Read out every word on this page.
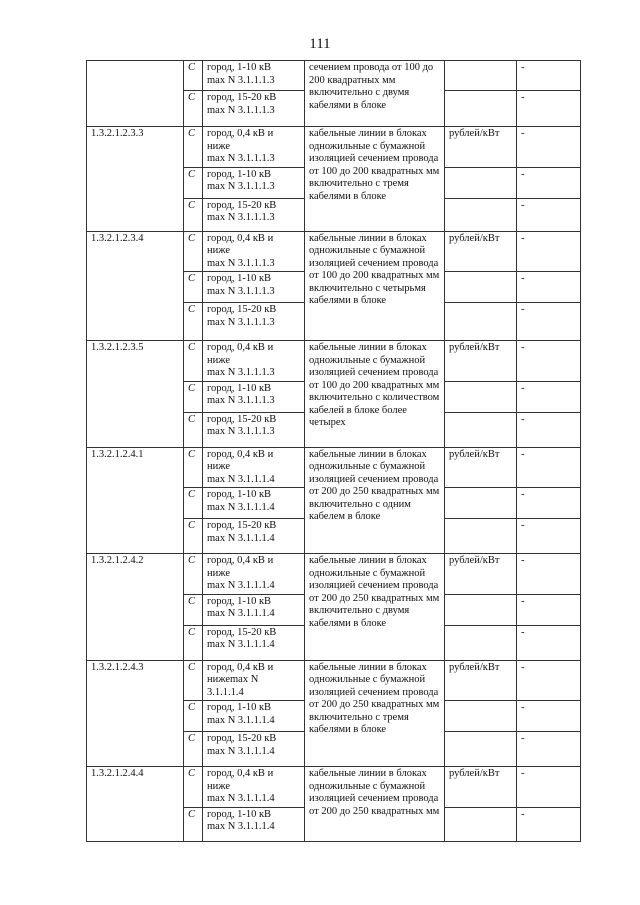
111
	С	город, 1-10 кВ
max N 3.1.1.1.3	сечением провода от 100 до 200 квадратных мм включительно с двумя кабелями в блоке		-
	С	город, 15-20 кВ
max N 3.1.1.1.3			-
1.3.2.1.2.3.3	С	город, 0,4 кВ и
ниже
max N 3.1.1.1.3	кабельные линии в блоках одножильные с бумажной изоляцией сечением провода от 100 до 200 квадратных мм включительно с тремя кабелями в блоке	рублей/кВт	-
	С	город, 1-10 кВ
max N 3.1.1.1.3			-
	С	город, 15-20 кВ
max N 3.1.1.1.3			-
1.3.2.1.2.3.4	С	город, 0,4 кВ и
ниже
max N 3.1.1.1.3	кабельные линии в блоках одножильные с бумажной изоляцией сечением провода от 100 до 200 квадратных мм включительно с четырьмя кабелями в блоке	рублей/кВт	-
	С	город, 1-10 кВ
max N 3.1.1.1.3			-
	С	город, 15-20 кВ
max N 3.1.1.1.3			-
1.3.2.1.2.3.5	С	город, 0,4 кВ и
ниже
max N 3.1.1.1.3	кабельные линии в блоках одножильные с бумажной изоляцией сечением провода от 100 до 200 квадратных мм включительно с количеством кабелей в блоке более четырех	рублей/кВт	-
	С	город, 1-10 кВ
max N 3.1.1.1.3			-
	С	город, 15-20 кВ
max N 3.1.1.1.3			-
1.3.2.1.2.4.1	С	город, 0,4 кВ и
ниже
max N 3.1.1.1.4	кабельные линии в блоках одножильные с бумажной изоляцией сечением провода от 200 до 250 квадратных мм включительно с одним кабелем в блоке	рублей/кВт	-
	С	город, 1-10 кВ
max N 3.1.1.1.4			-
	С	город, 15-20 кВ
max N 3.1.1.1.4			-
1.3.2.1.2.4.2	С	город, 0,4 кВ и
ниже
max N 3.1.1.1.4	кабельные линии в блоках одножильные с бумажной изоляцией сечением провода от 200 до 250 квадратных мм включительно с двумя кабелями в блоке	рублей/кВт	-
	С	город, 1-10 кВ
max N 3.1.1.1.4			-
	С	город, 15-20 кВ
max N 3.1.1.1.4			-
1.3.2.1.2.4.3	С	город, 0,4 кВ и
нижеmax N
3.1.1.1.4	кабельные линии в блоках одножильные с бумажной изоляцией сечением провода от 200 до 250 квадратных мм включительно с тремя кабелями в блоке	рублей/кВт	-
	С	город, 1-10 кВ
max N 3.1.1.1.4			-
	С	город, 15-20 кВ
max N 3.1.1.1.4			-
1.3.2.1.2.4.4	С	город, 0,4 кВ и
ниже
max N 3.1.1.1.4	кабельные линии в блоках одножильные с бумажной изоляцией сечением провода от 200 до 250 квадратных мм	рублей/кВт	-
	С	город, 1-10 кВ
max N 3.1.1.1.4			-
